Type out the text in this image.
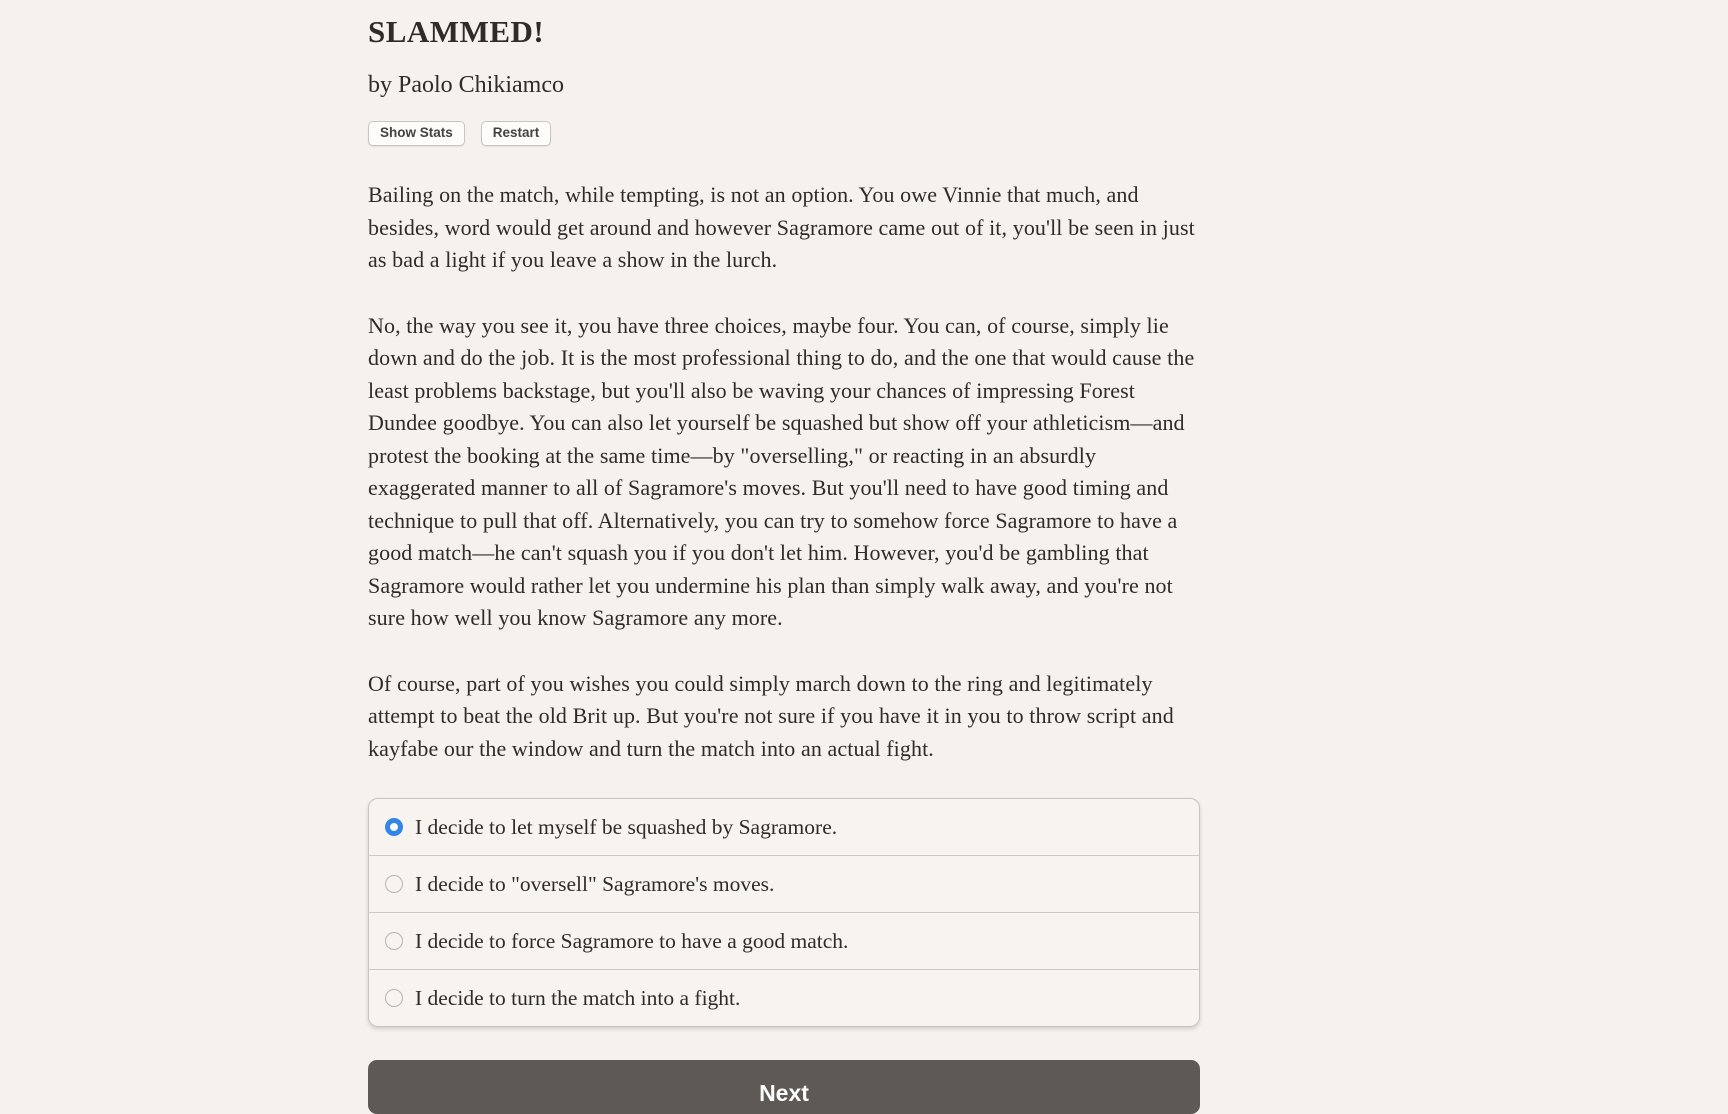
SLAMMED!
by Paolo Chikiamco
Show Stats	Restart

Bailing on the match, while tempting, is not an option. You owe Vinnie that much, and besides, word would get around and however Sagramore came out of it, you'll be seen in just as bad a light if you leave a show in the lurch.

No, the way you see it, you have three choices, maybe four. You can, of course, simply lie down and do the job. It is the most professional thing to do, and the one that would cause the least problems backstage, but you'll also be waving your chances of impressing Forest Dundee goodbye. You can also let yourself be squashed but show off your athleticism—and protest the booking at the same time—by "overselling," or reacting in an absurdly exaggerated manner to all of Sagramore's moves. But you'll need to have good timing and technique to pull that off. Alternatively, you can try to somehow force Sagramore to have a good match—he can't squash you if you don't let him. However, you'd be gambling that Sagramore would rather let you undermine his plan than simply walk away, and you're not sure how well you know Sagramore any more.

Of course, part of you wishes you could simply march down to the ring and legitimately attempt to beat the old Brit up. But you're not sure if you have it in you to throw script and kayfabe our the window and turn the match into an actual fight.

I decide to let myself be squashed by Sagramore.
I decide to "oversell" Sagramore's moves.
I decide to force Sagramore to have a good match.
I decide to turn the match into a fight.
Next
